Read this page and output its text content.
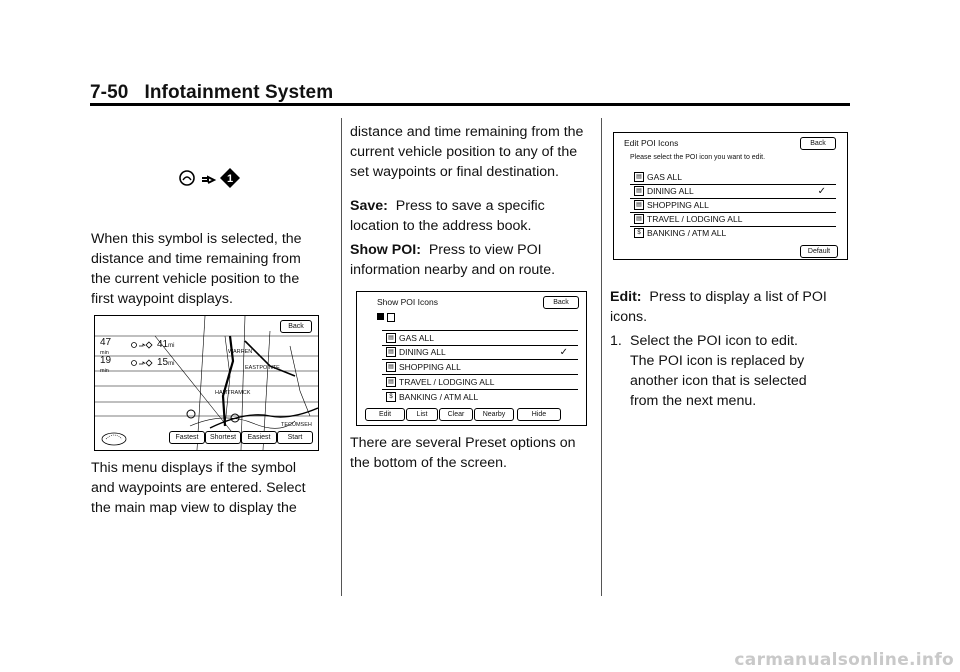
7-50 Infotainment System
1
When this symbol is selected, the distance and time remaining from the current vehicle position to the first waypoint displays.
Back
47
min
41mi
19
min
15mi
WARREN
EASTPOINTE
HAMTRAMCK
TECUMSEH
Fastest	Shortest	Easiest	Start
This menu displays if the symbol and waypoints are entered. Select the main map view to display the
distance and time remaining from the current vehicle position to any of the set waypoints or final destination.
Save: Press to save a specific location to the address book.
Show POI: Press to view POI information nearby and on route.
Show POI Icons	Back
▤ GAS ALL
▤ DINING ALL	✓
▤ SHOPPING ALL
▤ TRAVEL / LODGING ALL
$ BANKING / ATM ALL
Edit	List	Clear	Nearby	Hide
There are several Preset options on the bottom of the screen.
Edit POI Icons	Back
Please select the POI icon you want to edit.
▤ GAS ALL
▤ DINING ALL	✓
▤ SHOPPING ALL
▤ TRAVEL / LODGING ALL
$ BANKING / ATM ALL
Default
Edit: Press to display a list of POI icons.
1. Select the POI icon to edit. The POI icon is replaced by another icon that is selected from the next menu.
carmanualsonline.info
